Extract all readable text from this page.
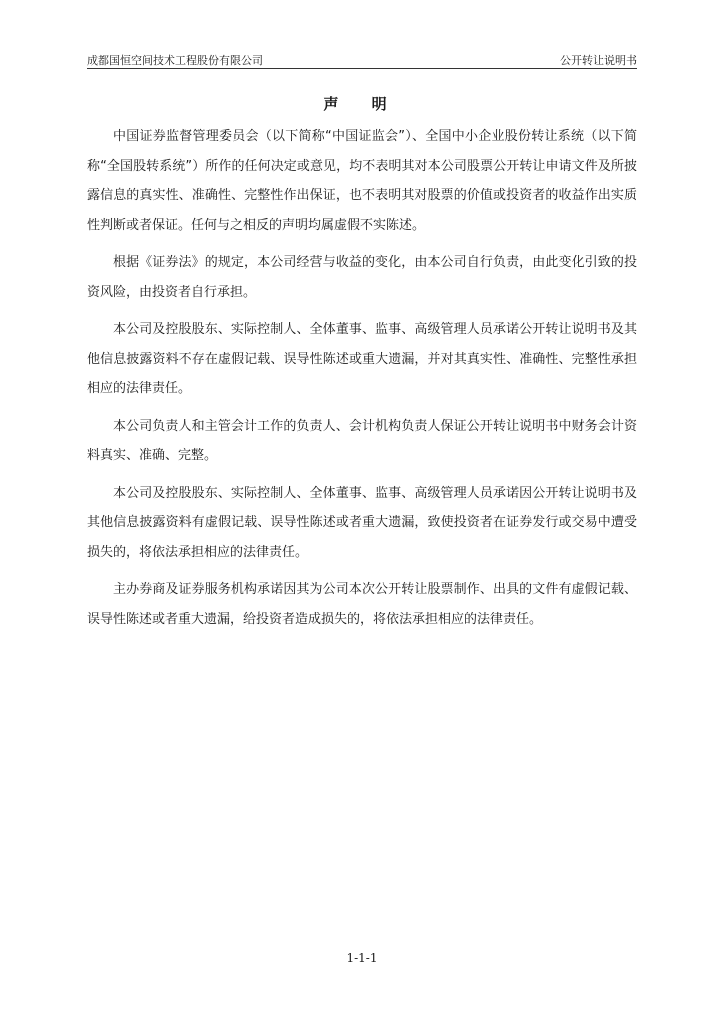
成都国恒空间技术工程股份有限公司	公开转让说明书
声 明

中国证券监督管理委员会（以下简称“中国证监会”）、全国中小企业股份转让系统（以下简称“全国股转系统”）所作的任何决定或意见，均不表明其对本公司股票公开转让申请文件及所披露信息的真实性、准确性、完整性作出保证，也不表明其对股票的价值或投资者的收益作出实质性判断或者保证。任何与之相反的声明均属虚假不实陈述。

根据《证券法》的规定，本公司经营与收益的变化，由本公司自行负责，由此变化引致的投资风险，由投资者自行承担。

本公司及控股股东、实际控制人、全体董事、监事、高级管理人员承诺公开转让说明书及其他信息披露资料不存在虚假记载、误导性陈述或重大遗漏，并对其真实性、准确性、完整性承担相应的法律责任。

本公司负责人和主管会计工作的负责人、会计机构负责人保证公开转让说明书中财务会计资料真实、准确、完整。

本公司及控股股东、实际控制人、全体董事、监事、高级管理人员承诺因公开转让说明书及其他信息披露资料有虚假记载、误导性陈述或者重大遗漏，致使投资者在证券发行或交易中遭受损失的，将依法承担相应的法律责任。

主办券商及证券服务机构承诺因其为公司本次公开转让股票制作、出具的文件有虚假记载、误导性陈述或者重大遗漏，给投资者造成损失的，将依法承担相应的法律责任。

1-1-1
